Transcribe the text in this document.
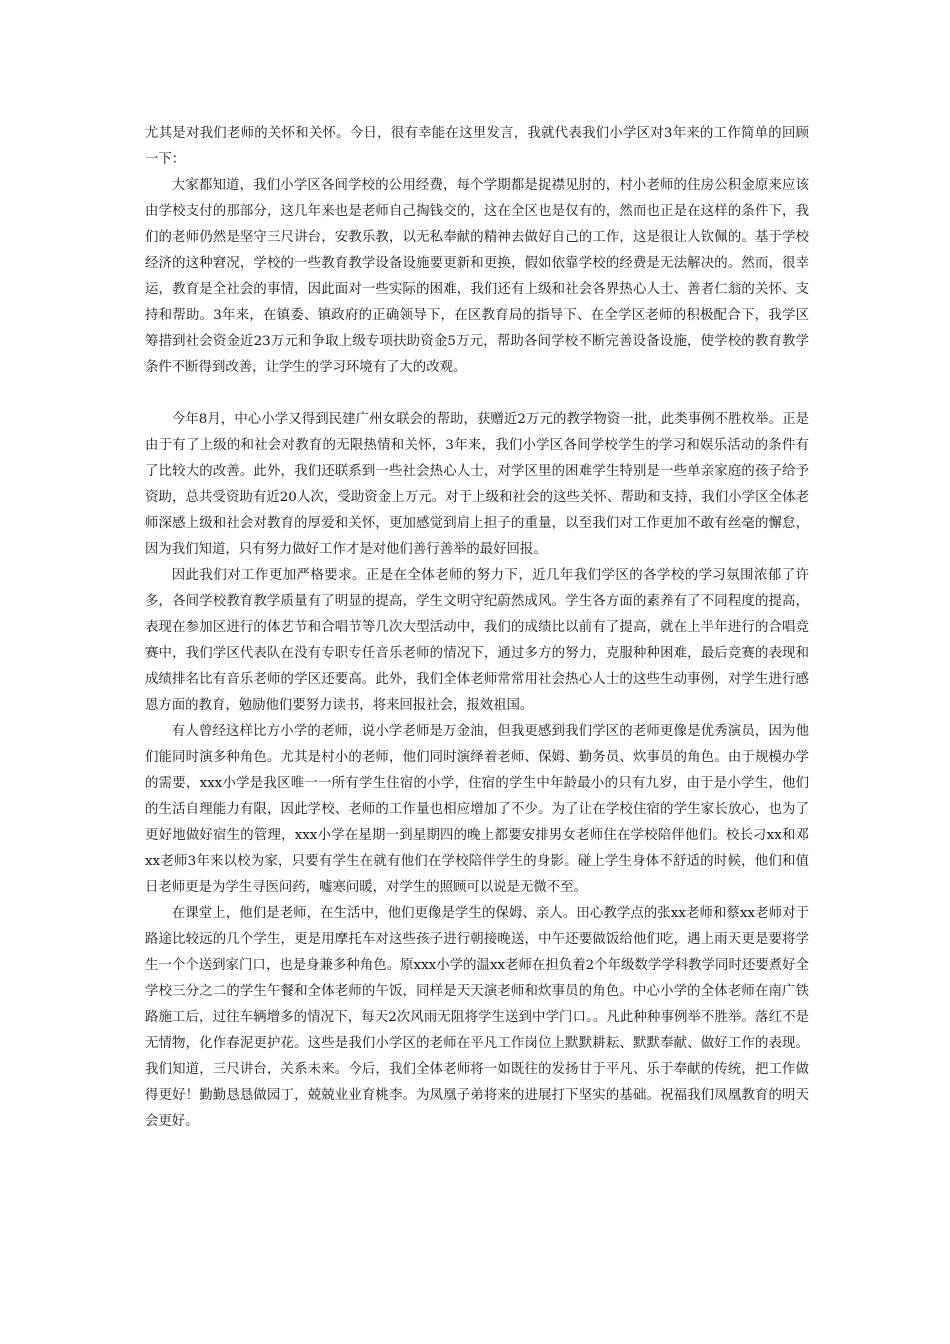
尤其是对我们老师的关怀和关怀。今日，很有幸能在这里发言，我就代表我们小学区对3年来的工作简单的回顾一下：

大家都知道，我们小学区各间学校的公用经费，每个学期都是捉襟见肘的，村小老师的住房公积金原来应该由学校支付的那部分，这几年来也是老师自己掏钱交的，这在全区也是仅有的，然而也正是在这样的条件下，我们的老师仍然是坚守三尺讲台，安教乐教，以无私奉献的精神去做好自己的工作，这是很让人钦佩的。基于学校经济的这种窘况，学校的一些教育教学设备设施要更新和更换，假如依靠学校的经费是无法解决的。然而，很幸运，教育是全社会的事情，因此面对一些实际的困难，我们还有上级和社会各界热心人士、善者仁翁的关怀、支持和帮助。3年来，在镇委、镇政府的正确领导下，在区教育局的指导下、在全学区老师的积极配合下，我学区筹措到社会资金近23万元和争取上级专项扶助资金5万元，帮助各间学校不断完善设备设施，使学校的教育教学条件不断得到改善，让学生的学习环境有了大的改观。

今年8月，中心小学又得到民建广州女联会的帮助，获赠近2万元的教学物资一批，此类事例不胜枚举。正是由于有了上级的和社会对教育的无限热情和关怀，3年来，我们小学区各间学校学生的学习和娱乐活动的条件有了比较大的改善。此外，我们还联系到一些社会热心人士，对学区里的困难学生特别是一些单亲家庭的孩子给予资助，总共受资助有近20人次，受助资金上万元。对于上级和社会的这些关怀、帮助和支持，我们小学区全体老师深感上级和社会对教育的厚爱和关怀，更加感觉到肩上担子的重量，以至我们对工作更加不敢有丝毫的懈怠，因为我们知道，只有努力做好工作才是对他们善行善举的最好回报。

因此我们对工作更加严格要求。正是在全体老师的努力下，近几年我们学区的各学校的学习氛围浓郁了许多，各间学校教育教学质量有了明显的提高，学生文明守纪蔚然成风。学生各方面的素养有了不同程度的提高，表现在参加区进行的体艺节和合唱节等几次大型活动中，我们的成绩比以前有了提高，就在上半年进行的合唱竞赛中，我们学区代表队在没有专职专任音乐老师的情况下，通过多方的努力，克服种种困难，最后竞赛的表现和成绩排名比有音乐老师的学区还要高。此外，我们全体老师常常用社会热心人士的这些生动事例，对学生进行感恩方面的教育，勉励他们要努力读书，将来回报社会，报效祖国。

有人曾经这样比方小学的老师，说小学老师是万金油，但我更感到我们学区的老师更像是优秀演员，因为他们能同时演多种角色。尤其是村小的老师，他们同时演绎着老师、保姆、勤务员、炊事员的角色。由于规模办学的需要，xxx小学是我区唯一一所有学生住宿的小学，住宿的学生中年龄最小的只有九岁，由于是小学生，他们的生活自理能力有限，因此学校、老师的工作量也相应增加了不少。为了让在学校住宿的学生家长放心，也为了更好地做好宿生的管理，xxx小学在星期一到星期四的晚上都要安排男女老师住在学校陪伴他们。校长刁xx和邓xx老师3年来以校为家，只要有学生在就有他们在学校陪伴学生的身影。碰上学生身体不舒适的时候，他们和值日老师更是为学生寻医问药，嘘寒问暖，对学生的照顾可以说是无微不至。

在课堂上，他们是老师，在生活中，他们更像是学生的保姆、亲人。田心教学点的张xx老师和蔡xx老师对于路途比较远的几个学生，更是用摩托车对这些孩子进行朝接晚送，中午还要做饭给他们吃，遇上雨天更是要将学生一个个送到家门口，也是身兼多种角色。原xxx小学的温xx老师在担负着2个年级数学学科教学同时还要煮好全学校三分之二的学生午餐和全体老师的午饭，同样是天天演老师和炊事员的角色。中心小学的全体老师在南广铁路施工后，过往车辆增多的情况下，每天2次风雨无阻将学生送到中学门口。。凡此种种事例举不胜举。落红不是无情物，化作春泥更护花。这些是我们小学区的老师在平凡工作岗位上默默耕耘、默默奉献、做好工作的表现。我们知道，三尺讲台，关系未来。今后，我们全体老师将一如既往的发扬甘于平凡、乐于奉献的传统，把工作做得更好！勤勤恳恳做园丁，兢兢业业育桃李。为凤凰子弟将来的进展打下坚实的基础。祝福我们凤凰教育的明天会更好。
